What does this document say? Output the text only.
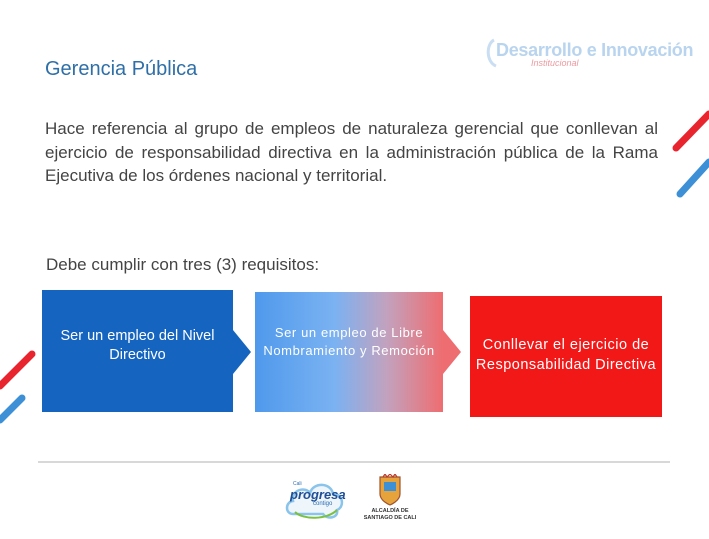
Desarrollo e Innovación
Institucional
Gerencia Pública
Hace referencia al grupo de empleos de naturaleza gerencial que conllevan al ejercicio de responsabilidad directiva en la administración pública de la Rama Ejecutiva de los órdenes nacional y territorial.
Debe cumplir con tres (3) requisitos:
Ser un empleo del Nivel Directivo
Ser un empleo de Libre Nombramiento y Remoción	Conllevar el ejercicio de Responsabilidad Directiva
Cali
progresa
contigo
ALCALDÍA DE
SANTIAGO DE CALI
